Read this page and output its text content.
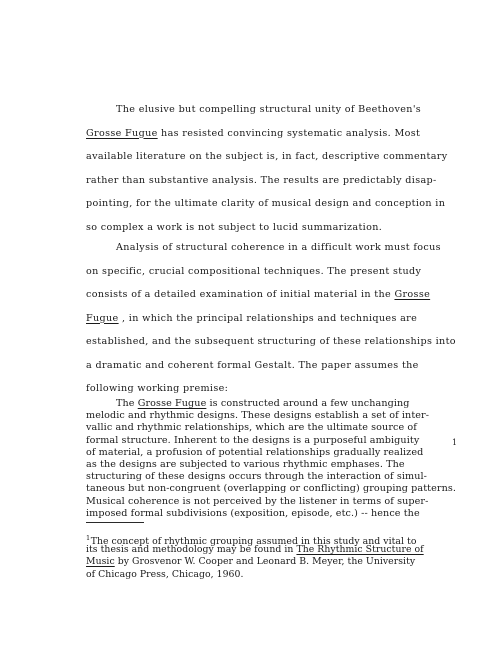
The elusive but compelling structural unity of Beethoven's
Grosse Fugue has resisted convincing systematic analysis. Most
available literature on the subject is, in fact, descriptive commentary
rather than substantive analysis. The results are predictably disap-
pointing, for the ultimate clarity of musical design and conception in
so complex a work is not subject to lucid summarization.
Analysis of structural coherence in a difficult work must focus
on specific, crucial compositional techniques. The present study
consists of a detailed examination of initial material in the Grosse
Fugue , in which the principal relationships and techniques are
established, and the subsequent structuring of these relationships into
a dramatic and coherent formal Gestalt. The paper assumes the
following working premise:
The Grosse Fugue is constructed around a few unchanging
melodic and rhythmic designs. These designs establish a set of inter-
vallic and rhythmic relationships, which are the ultimate source of
formal structure. Inherent to the designs is a purposeful ambiguity
of material, a profusion of potential relationships gradually realized
as the designs are subjected to various rhythmic emphases. The
structuring of these designs occurs through the interaction of simul-
taneous but non-congruent (overlapping or conflicting) grouping patterns.
Musical coherence is not perceived by the listener in terms of super-
imposed formal subdivisions (exposition, episode, etc.) -- hence the
1
$^1$The concept of rhythmic grouping assumed in this study and vital to
its thesis and methodology may be found in The Rhythmic Structure of
Music by Grosvenor W. Cooper and Leonard B. Meyer, the University
of Chicago Press, Chicago, 1960.
